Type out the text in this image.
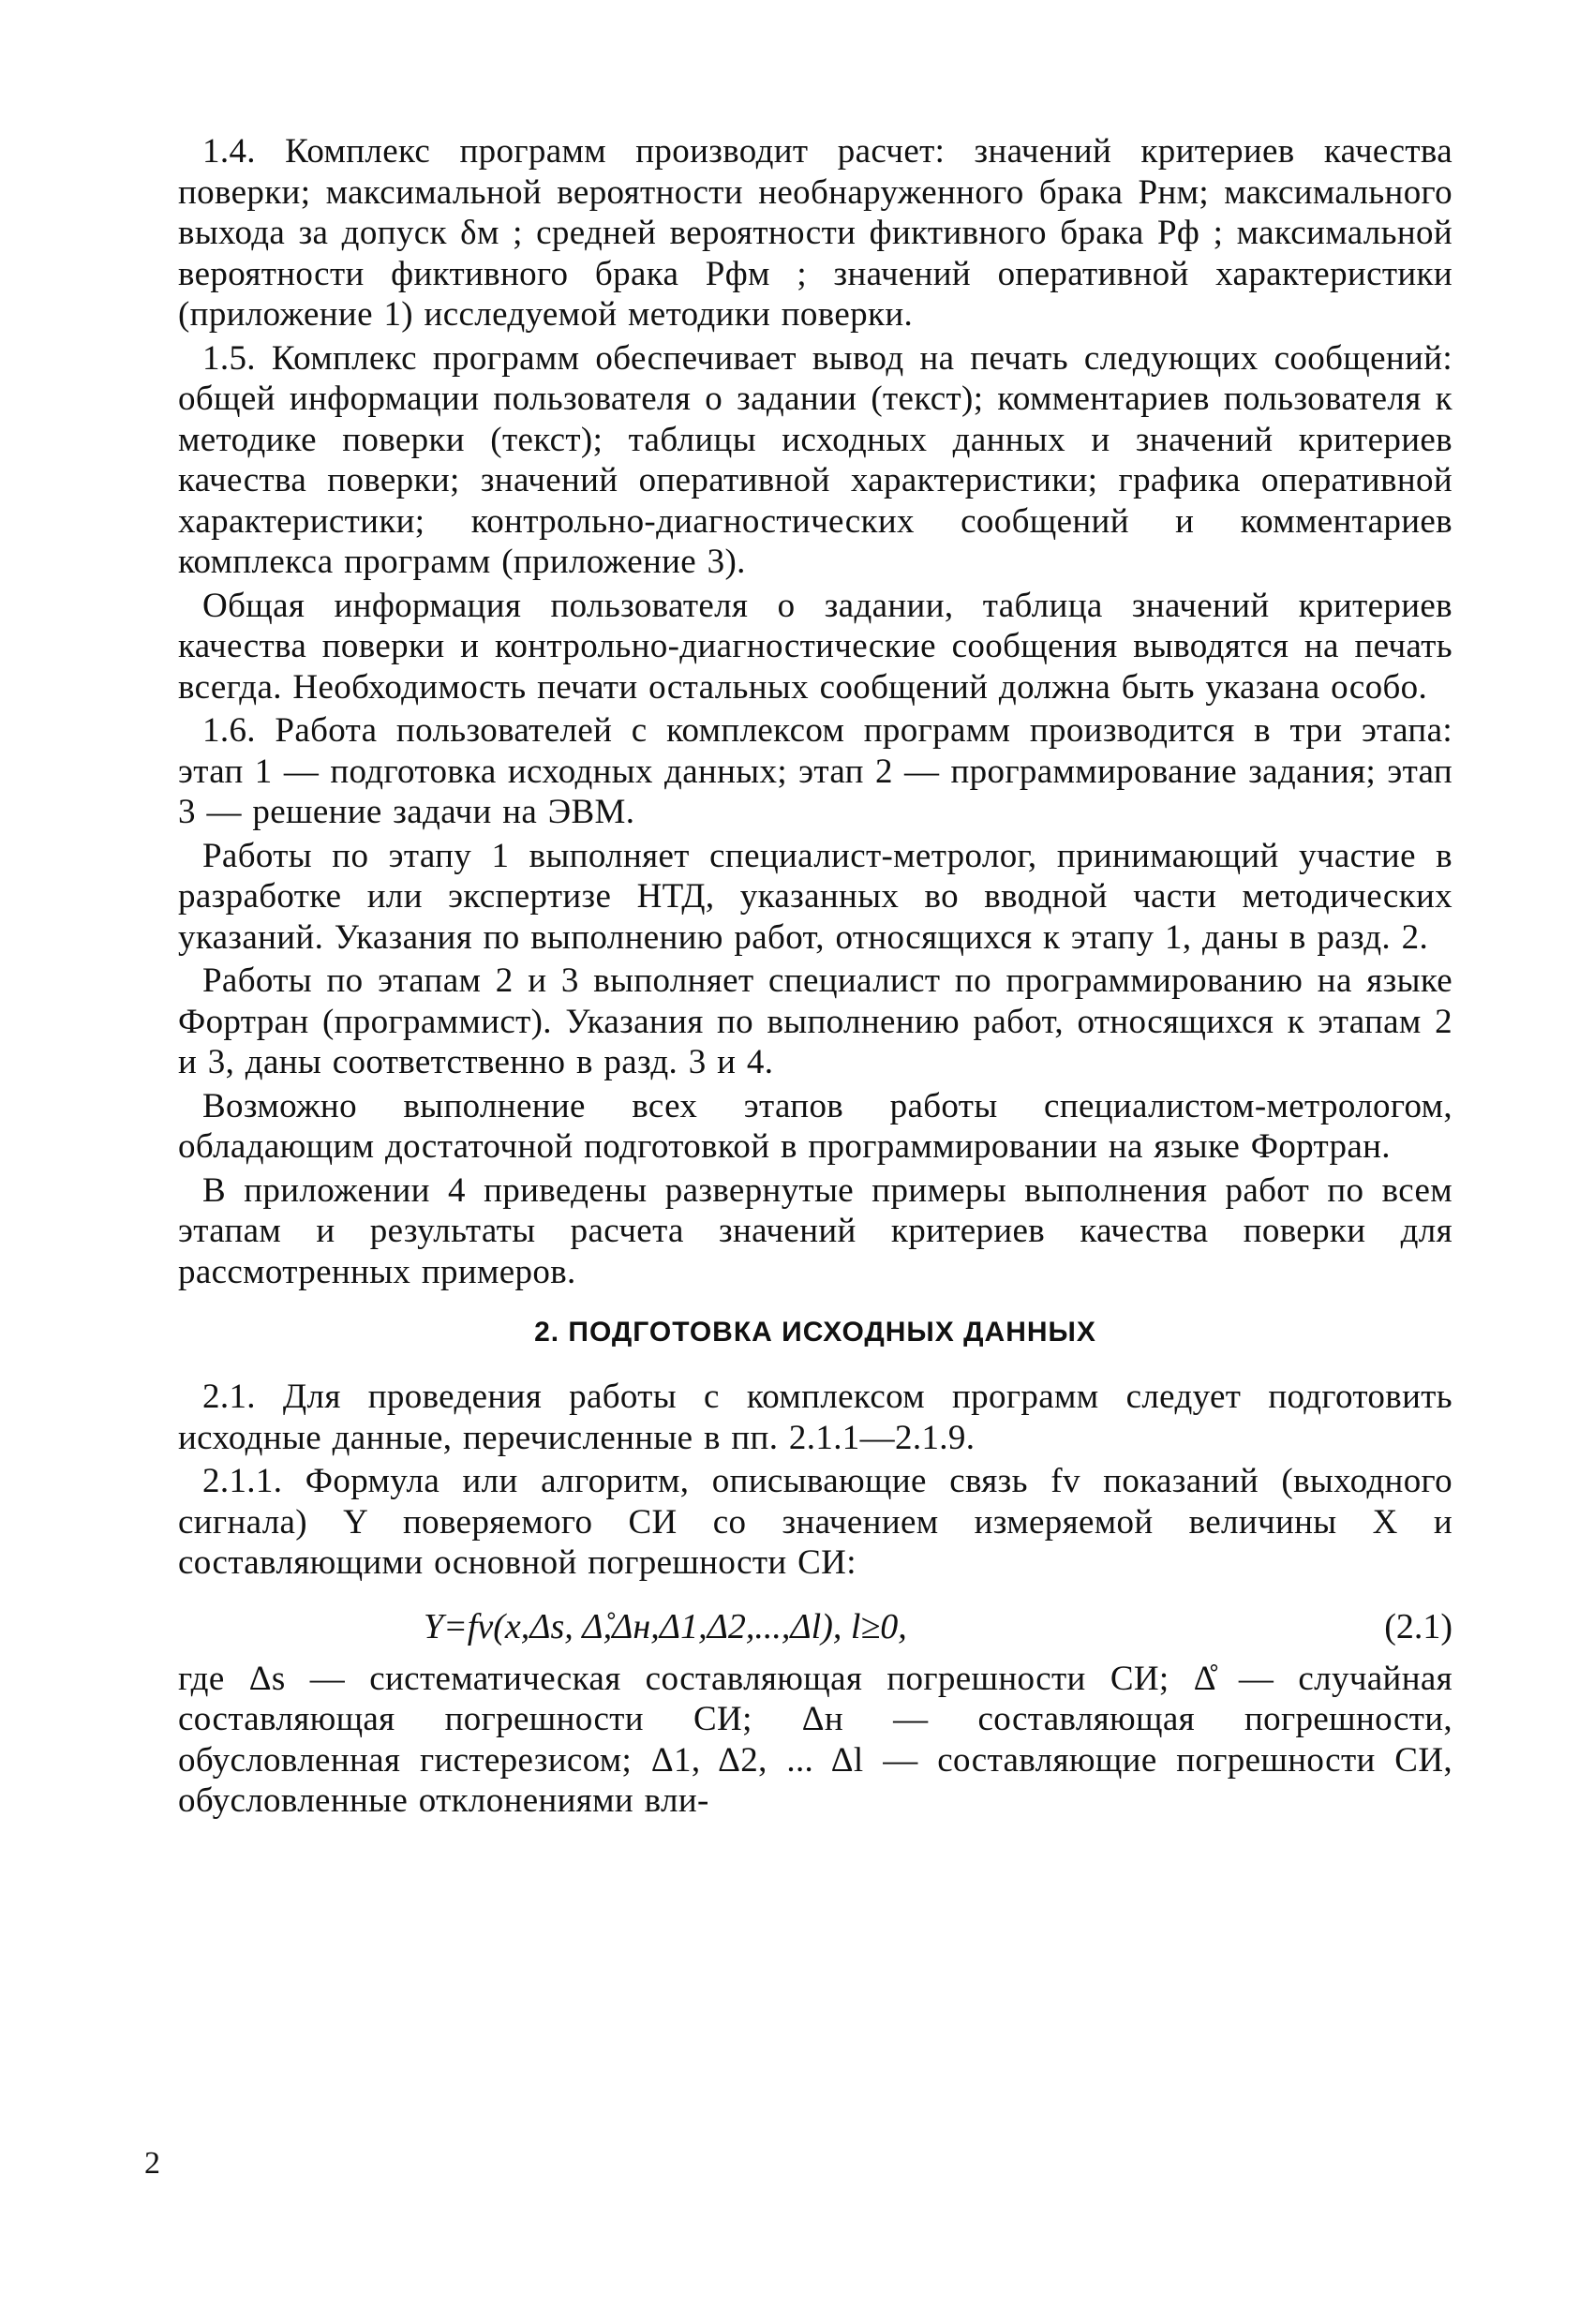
1.4. Комплекс программ производит расчет: значений критериев качества поверки; максимальной вероятности необнаруженного брака Pнм; максимального выхода за допуск δм ; средней вероятности фиктивного брака Pф ; максимальной вероятности фиктивного брака Pфм ; значений оперативной характеристики (приложение 1) исследуемой методики поверки.

1.5. Комплекс программ обеспечивает вывод на печать следующих сообщений: общей информации пользователя о задании (текст); комментариев пользователя к методике поверки (текст); таблицы исходных данных и значений критериев качества поверки; значений оперативной характеристики; графика оперативной характеристики; контрольно-диагностических сообщений и комментариев комплекса программ (приложение 3).

Общая информация пользователя о задании, таблица значений критериев качества поверки и контрольно-диагностические сообщения выводятся на печать всегда. Необходимость печати остальных сообщений должна быть указана особо.

1.6. Работа пользователей с комплексом программ производится в три этапа: этап 1 — подготовка исходных данных; этап 2 — программирование задания; этап 3 — решение задачи на ЭВМ.

Работы по этапу 1 выполняет специалист-метролог, принимающий участие в разработке или экспертизе НТД, указанных во вводной части методических указаний. Указания по выполнению работ, относящихся к этапу 1, даны в разд. 2.

Работы по этапам 2 и 3 выполняет специалист по программированию на языке Фортран (программист). Указания по выполнению работ, относящихся к этапам 2 и 3, даны соответственно в разд. 3 и 4.

Возможно выполнение всех этапов работы специалистом-метрологом, обладающим достаточной подготовкой в программировании на языке Фортран.

В приложении 4 приведены развернутые примеры выполнения работ по всем этапам и результаты расчета значений критериев качества поверки для рассмотренных примеров.

2. ПОДГОТОВКА ИСХОДНЫХ ДАННЫХ

2.1. Для проведения работы с комплексом программ следует подготовить исходные данные, перечисленные в пп. 2.1.1—2.1.9.

2.1.1. Формула или алгоритм, описывающие связь fv показаний (выходного сигнала) Y поверяемого СИ со значением измеряемой величины X и составляющими основной погрешности СИ:

Y=fv(x,Δs, Δ̊,Δн,Δ1,Δ2,...,Δl), l≥0,	(2.1)

где Δs — систематическая составляющая погрешности СИ; Δ̊ — случайная составляющая погрешности СИ; Δн — составляющая погрешности, обусловленная гистерезисом; Δ1, Δ2, ... Δl — составляющие погрешности СИ, обусловленные отклонениями вли-

2
